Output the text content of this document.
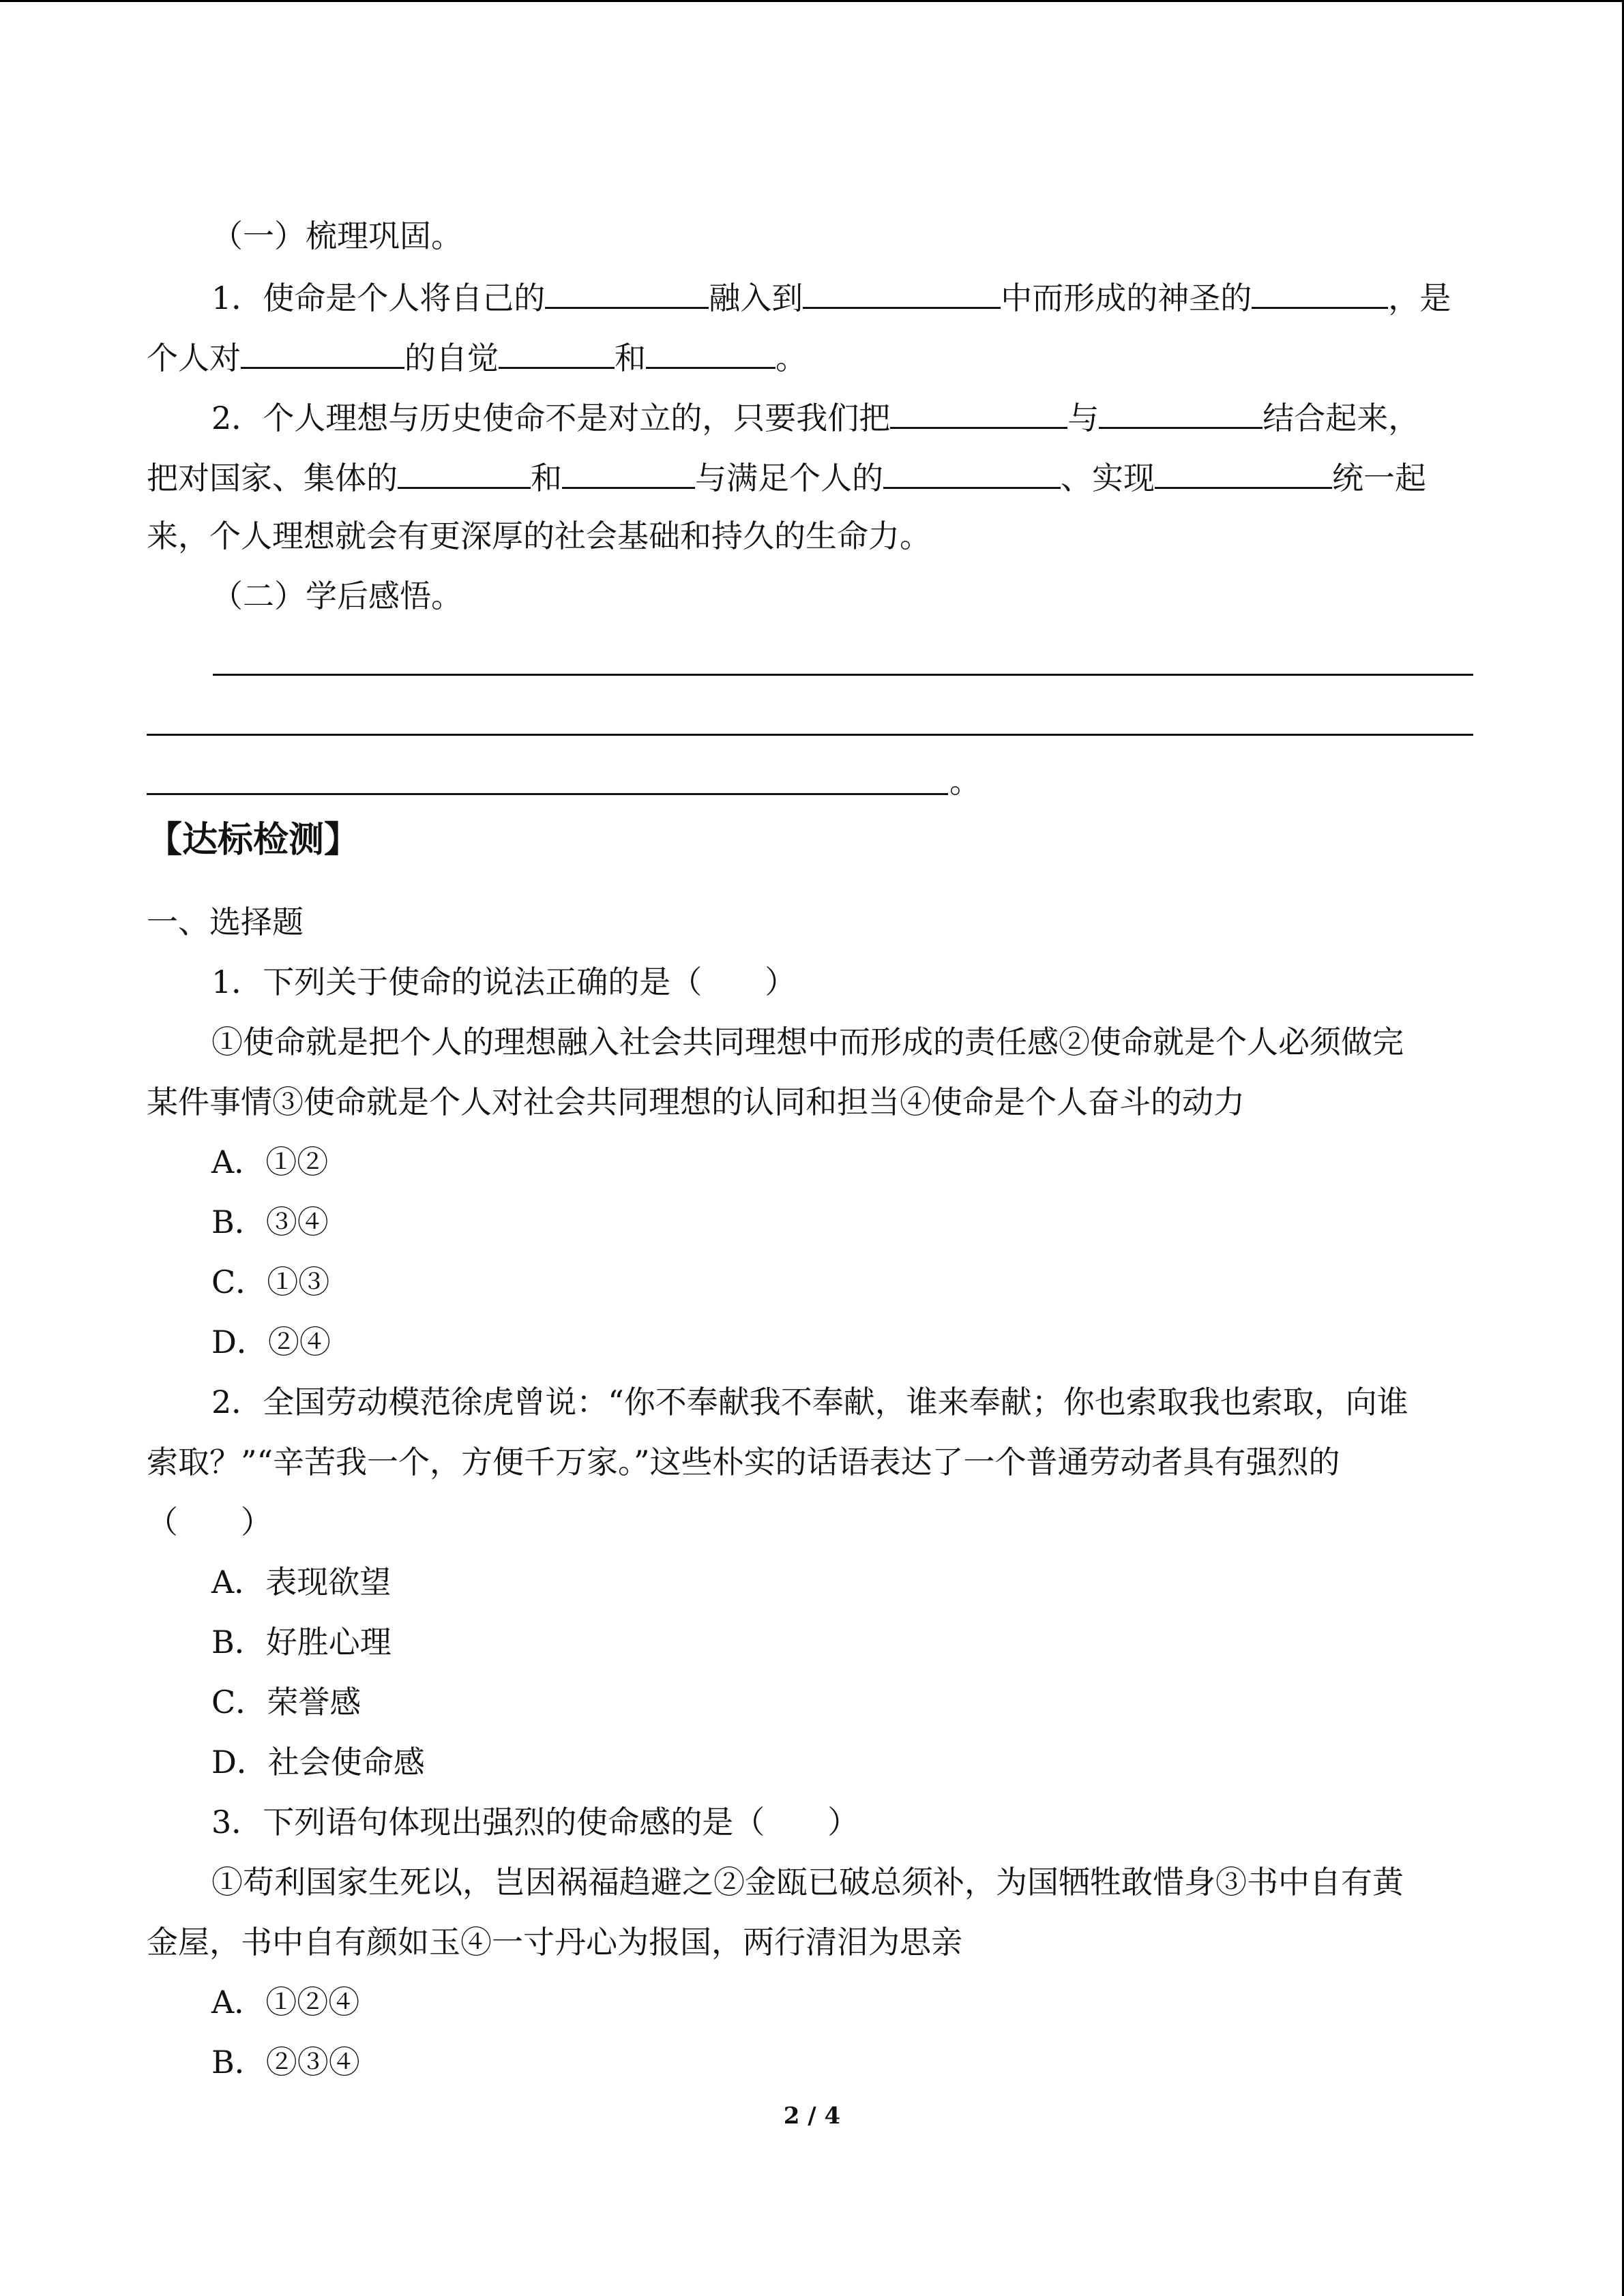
（一）梳理巩固。
1．使命是个人将自己的	融入到	中而形成的神圣的	，是
个人对	的自觉	和	。
2．个人理想与历史使命不是对立的，只要我们把	与	结合起来，
把对国家、集体的	和	与满足个人的	、实现	统一起
来，个人理想就会有更深厚的社会基础和持久的生命力。
（二）学后感悟。
。
【达标检测】
一、选择题
1．下列关于使命的说法正确的是（　　）
①使命就是把个人的理想融入社会共同理想中而形成的责任感②使命就是个人必须做完
某件事情③使命就是个人对社会共同理想的认同和担当④使命是个人奋斗的动力
A．①②
B．③④
C．①③
D．②④
2．全国劳动模范徐虎曾说：“你不奉献我不奉献，谁来奉献；你也索取我也索取，向谁
索取？”“辛苦我一个，方便千万家。”这些朴实的话语表达了一个普通劳动者具有强烈的
（　　）
A．表现欲望
B．好胜心理
C．荣誉感
D．社会使命感
3．下列语句体现出强烈的使命感的是（　　）
①苟利国家生死以，岂因祸福趋避之②金瓯已破总须补，为国牺牲敢惜身③书中自有黄
金屋，书中自有颜如玉④一寸丹心为报国，两行清泪为思亲
A．①②④
B．②③④
2 / 4
